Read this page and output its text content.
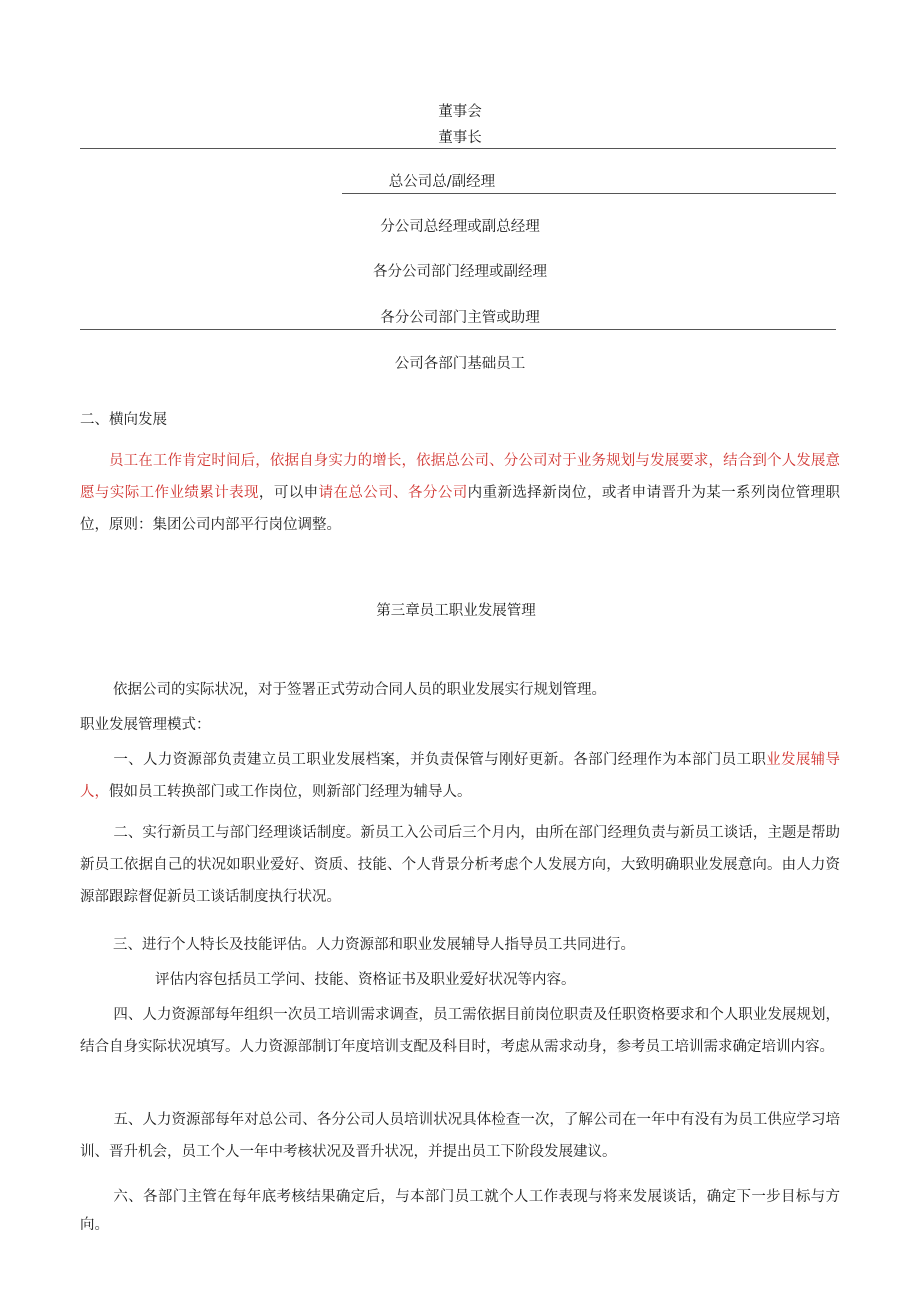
董事会
董事长
总公司总/副经理
分公司总经理或副总经理
各分公司部门经理或副经理
各分公司部门主管或助理
公司各部门基础员工
二、横向发展
员工在工作肯定时间后，依据自身实力的增长，依据总公司、分公司对于业务规划与发展要求，结合到个人发展意愿与实际工作业绩累计表现，可以申请在总公司、各分公司内重新选择新岗位，或者申请晋升为某一系列岗位管理职位，原则：集团公司内部平行岗位调整。
第三章员工职业发展管理
依据公司的实际状况，对于签署正式劳动合同人员的职业发展实行规划管理。
职业发展管理模式：
一、人力资源部负责建立员工职业发展档案，并负责保管与刚好更新。各部门经理作为本部门员工职业发展辅导人，假如员工转换部门或工作岗位，则新部门经理为辅导人。
二、实行新员工与部门经理谈话制度。新员工入公司后三个月内，由所在部门经理负责与新员工谈话，主题是帮助新员工依据自己的状况如职业爱好、资质、技能、个人背景分析考虑个人发展方向，大致明确职业发展意向。由人力资源部跟踪督促新员工谈话制度执行状况。
三、进行个人特长及技能评估。人力资源部和职业发展辅导人指导员工共同进行。
评估内容包括员工学问、技能、资格证书及职业爱好状况等内容。
四、人力资源部每年组织一次员工培训需求调查，员工需依据目前岗位职责及任职资格要求和个人职业发展规划，结合自身实际状况填写。人力资源部制订年度培训支配及科目时，考虑从需求动身，参考员工培训需求确定培训内容。
五、人力资源部每年对总公司、各分公司人员培训状况具体检查一次，了解公司在一年中有没有为员工供应学习培训、晋升机会，员工个人一年中考核状况及晋升状况，并提出员工下阶段发展建议。
六、各部门主管在每年底考核结果确定后，与本部门员工就个人工作表现与将来发展谈话，确定下一步目标与方向。
